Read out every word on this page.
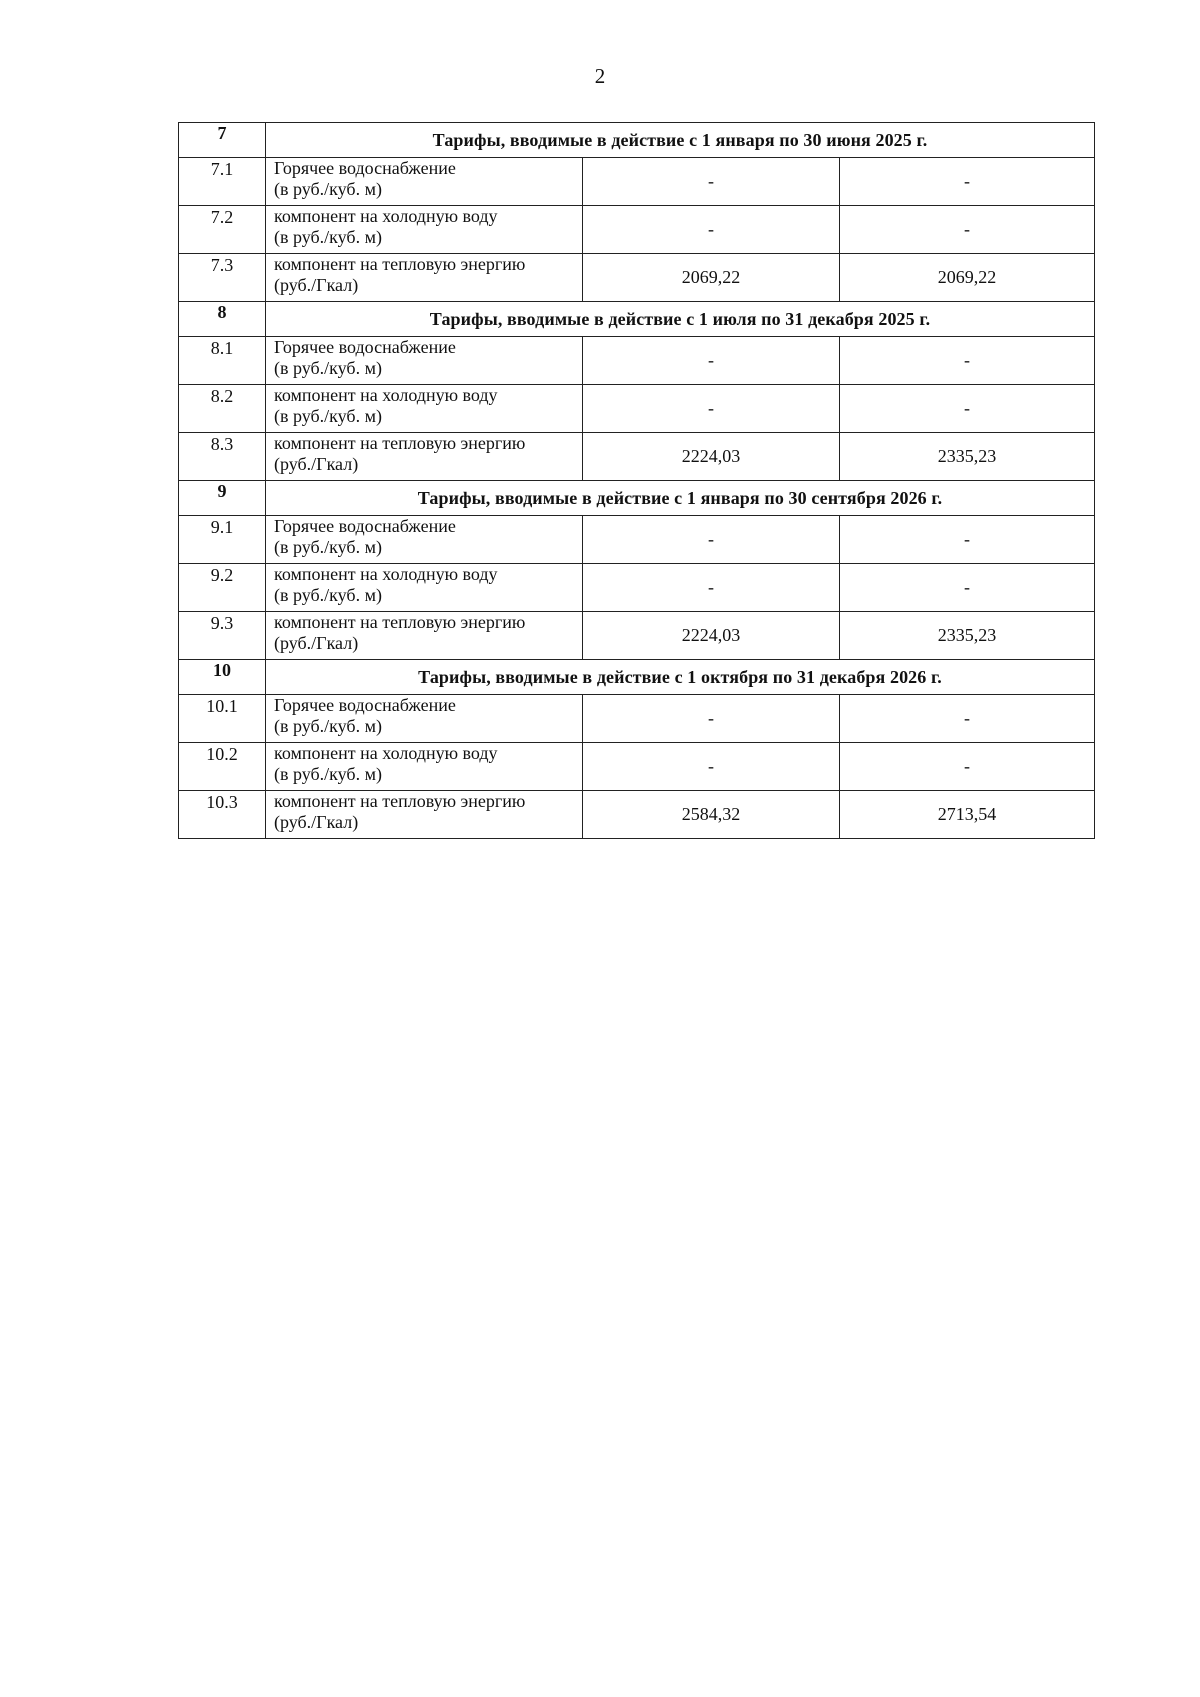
2
7	Тарифы, вводимые в действие с 1 января по 30 июня 2025 г.		
7.1	Горячее водоснабжение
(в руб./куб. м)	-	-
7.2	компонент на холодную воду
(в руб./куб. м)	-	-
7.3	компонент на тепловую энергию
(руб./Гкал)	2069,22	2069,22
8	Тарифы, вводимые в действие с 1 июля по 31 декабря 2025 г.		
8.1	Горячее водоснабжение
(в руб./куб. м)	-	-
8.2	компонент на холодную воду
(в руб./куб. м)	-	-
8.3	компонент на тепловую энергию
(руб./Гкал)	2224,03	2335,23
9	Тарифы, вводимые в действие с 1 января по 30 сентября 2026 г.		
9.1	Горячее водоснабжение
(в руб./куб. м)	-	-
9.2	компонент на холодную воду
(в руб./куб. м)	-	-
9.3	компонент на тепловую энергию
(руб./Гкал)	2224,03	2335,23
10	Тарифы, вводимые в действие с 1 октября по 31 декабря 2026 г.		
10.1	Горячее водоснабжение
(в руб./куб. м)	-	-
10.2	компонент на холодную воду
(в руб./куб. м)	-	-
10.3	компонент на тепловую энергию
(руб./Гкал)	2584,32	2713,54
